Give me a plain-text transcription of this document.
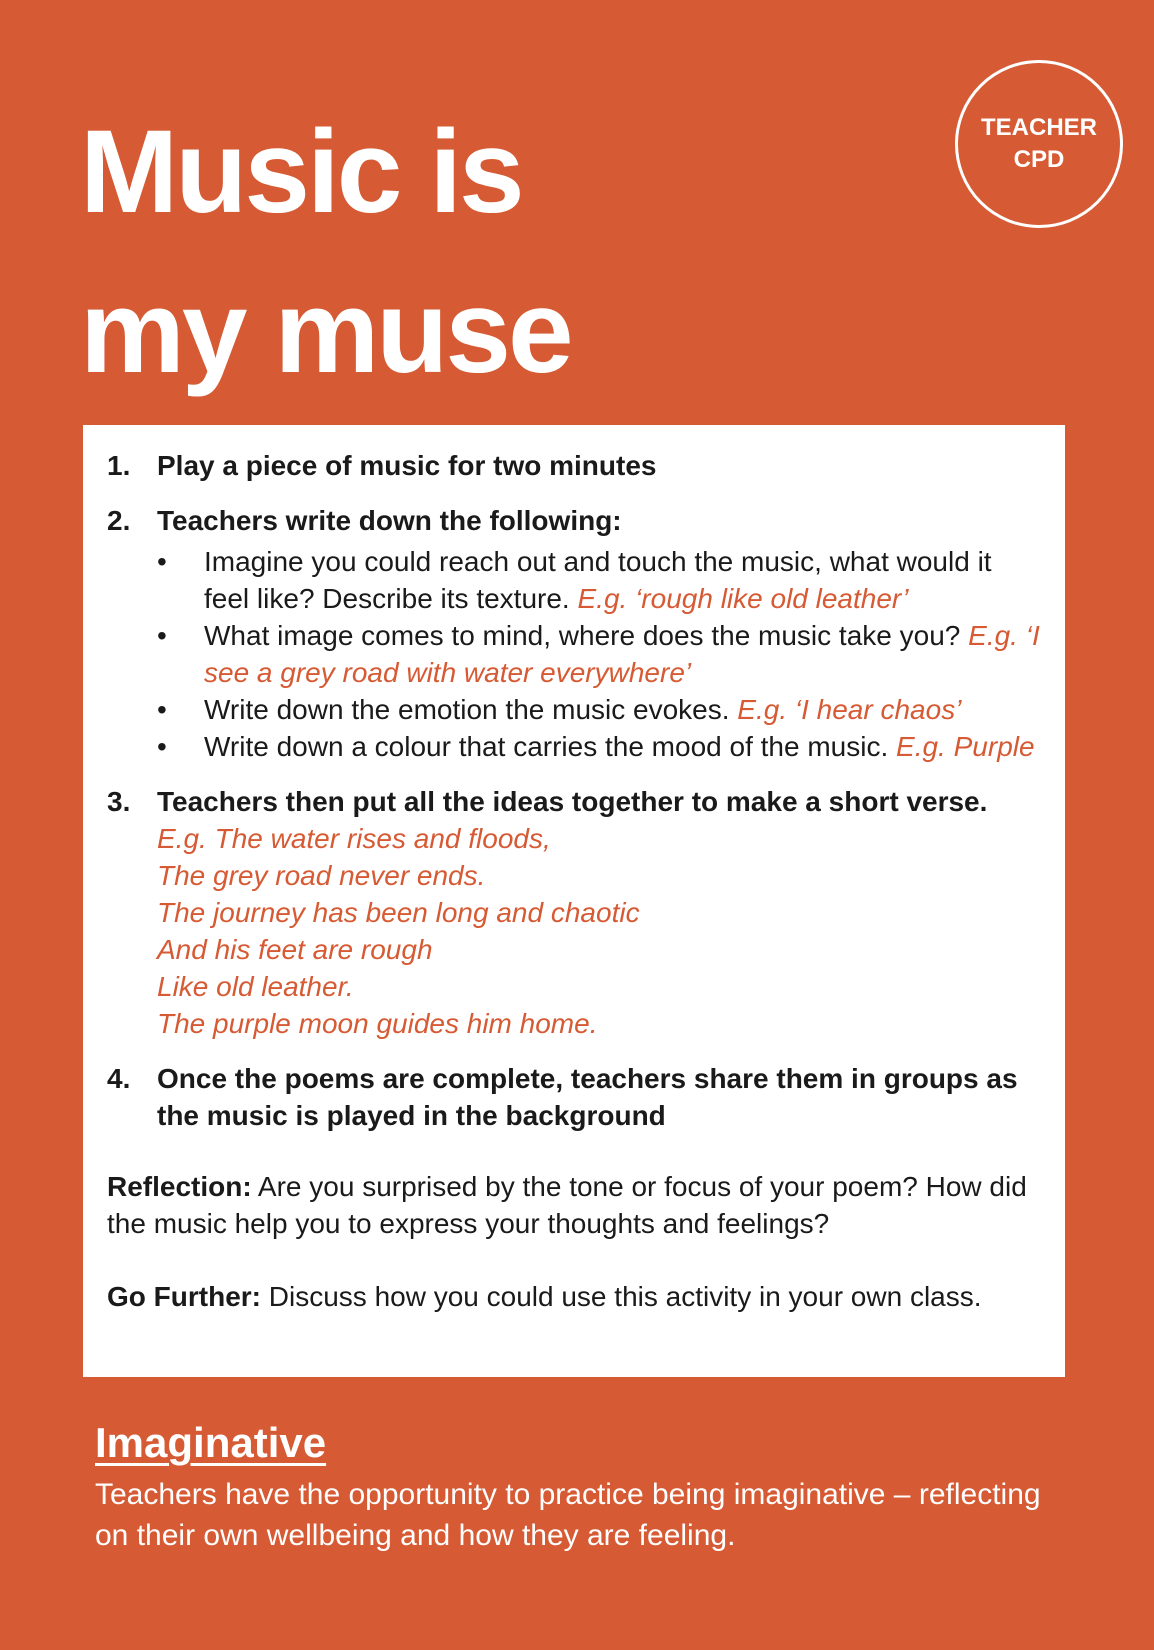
Music is
my muse
TEACHER
CPD
1. Play a piece of music for two minutes
2. Teachers write down the following:
•	Imagine you could reach out and touch the music, what would it feel like? Describe its texture. E.g. ‘rough like old leather’
•	What image comes to mind, where does the music take you? E.g. ‘I see a grey road with water everywhere’
•	Write down the emotion the music evokes. E.g. ‘I hear chaos’
•	Write down a colour that carries the mood of the music. E.g. Purple
3. Teachers then put all the ideas together to make a short verse.
E.g. The water rises and floods,
The grey road never ends.
The journey has been long and chaotic
And his feet are rough
Like old leather.
The purple moon guides him home.
4. Once the poems are complete, teachers share them in groups as the music is played in the background

Reflection: Are you surprised by the tone or focus of your poem? How did the music help you to express your thoughts and feelings?

Go Further: Discuss how you could use this activity in your own class.

Imaginative

Teachers have the opportunity to practice being imaginative – reflecting on their own wellbeing and how they are feeling.
